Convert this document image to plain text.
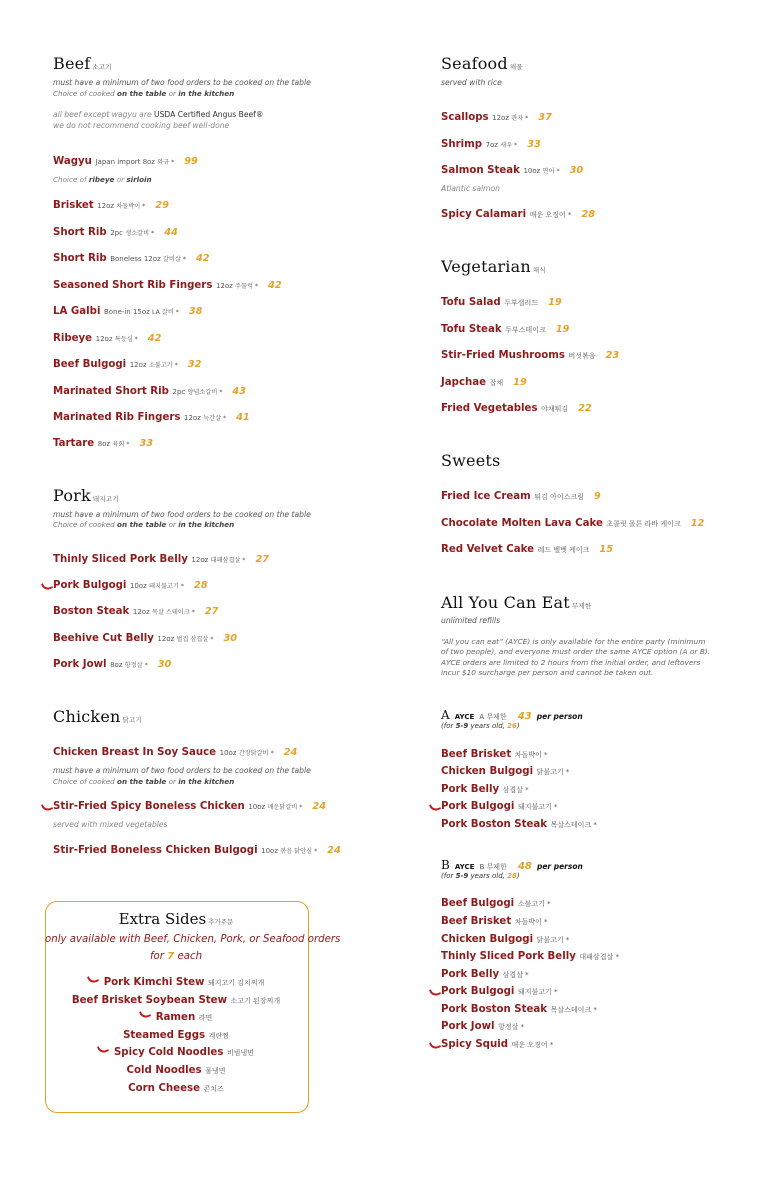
Beef 소고기
must have a minimum of two food orders to be cooked on the table
Choice of cooked on the table or in the kitchen
all beef except wagyu are USDA Certified Angus Beef®
we do not recommend cooking beef well-done
Wagyu Japan import 8oz 와규 * 99
Choice of ribeye or sirloin
Brisket 12oz 차돌박이 * 29
Short Rib 2pc 생소갈비 * 44
Short Rib Boneless 12oz 갈비살 * 42
Seasoned Short Rib Fingers 12oz 주물럭 * 42
LA Galbi Bone-in 15oz LA 갈비 * 38
Ribeye 12oz 특등심 * 42
Beef Bulgogi 12oz 소불고기 * 32
Marinated Short Rib 2pc 양념소갈비 * 43
Marinated Rib Fingers 12oz 늑간살 * 41
Tartare 8oz 육회 * 33
Pork 돼지고기
must have a minimum of two food orders to be cooked on the table
Choice of cooked on the table or in the kitchen
Thinly Sliced Pork Belly 12oz 대패삼겹살 * 27
Pork Bulgogi 10oz 돼지불고기 * 28
Boston Steak 12oz 목살 스테이크 * 27
Beehive Cut Belly 12oz 벌집 삼겹살 * 30
Pork Jowl 8oz 항정살 * 30
Chicken 닭고기
Chicken Breast In Soy Sauce 10oz 간장닭갈비 * 24
must have a minimum of two food orders to be cooked on the table
Choice of cooked on the table or in the kitchen
Stir-Fried Spicy Boneless Chicken 10oz 매운닭갈비 * 24
served with mixed vegetables
Stir-Fried Boneless Chicken Bulgogi 10oz 볶음 닭안심 * 24
Extra Sides 추가주문
only available with Beef, Chicken, Pork, or Seafood orders
for 7 each
Pork Kimchi Stew 돼지고기 김치찌개
Beef Brisket Soybean Stew 소고기 된장찌개
Ramen 라면
Steamed Eggs 계란찜
Spicy Cold Noodles 비빔냉면
Cold Noodles 물냉면
Corn Cheese 콘치즈
Seafood 해물
served with rice
Scallops 12oz 관자 * 37
Shrimp 7oz 새우 * 33
Salmon Steak 10oz 연어 * 30
Atlantic salmon
Spicy Calamari 매운 오징어 * 28
Vegetarian 채식
Tofu Salad 두부샐러드 19
Tofu Steak 두부스테이크 19
Stir-Fried Mushrooms 버섯볶음 23
Japchae 잡채 19
Fried Vegetables 야채튀김 22
Sweets
Fried Ice Cream 튀김 아이스크림 9
Chocolate Molten Lava Cake 초콜릿 몰튼 라바 케이크 12
Red Velvet Cake 레드 벨벳 케이크 15
All You Can Eat 무제한
unlimited refills
“All you can eat” (AYCE) is only available for the entire party (minimum
of two people), and everyone must order the same AYCE option (A or B).
AYCE orders are limited to 2 hours from the initial order, and leftovers
incur $10 surcharge per person and cannot be taken out.
A AYCE A 무제한 43 per person
(for 5-9 years old, 26)
Beef Brisket 차돌박이 *
Chicken Bulgogi 닭불고기 *
Pork Belly 삼겹살 *
Pork Bulgogi 돼지불고기 *
Pork Boston Steak 목살스테이크 *
B AYCE B 무제한 48 per person
(for 5-9 years old, 28)
Beef Bulgogi 소불고기 *
Beef Brisket 차돌박이 *
Chicken Bulgogi 닭불고기 *
Thinly Sliced Pork Belly 대패삼겹살 *
Pork Belly 삼겹살 *
Pork Bulgogi 돼지불고기 *
Pork Boston Steak 목살스테이크 *
Pork Jowl 항정살 *
Spicy Squid 매운 오징어 *
